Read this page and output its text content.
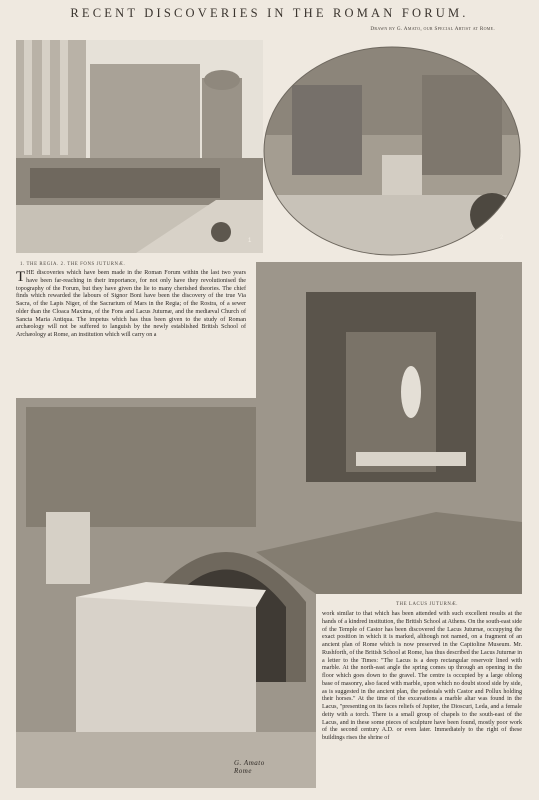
RECENT DISCOVERIES IN THE ROMAN FORUM.
Drawn by G. Amato, our Special Artist at Rome.
1	2
1. THE REGIA. 2. THE FONS JUTURNÆ.

THE discoveries which have been made in the Roman Forum within the last two years have been far-reaching in their importance, for not only have they revolutionised the topography of the Forum, but they have given the lie to many cherished theories. The chief finds which rewarded the labours of Signor Boni have been the discovery of the true Via Sacra, of the Lapis Niger, of the Sacrarium of Mars in the Regia; of the Rostra, of a sewer older than the Cloaca Maxima, of the Fons and Lacus Juturnæ, and the mediæval Church of Sancta Maria Antiqua. The impetus which has thus been given to the study of Roman archæology will not be suffered to languish by the newly established British School of Archæology at Rome, an institution which will carry on a

G. Amato
Rome
THE LACUS JUTURNÆ.

work similar to that which has been attended with such excellent results at the hands of a kindred institution, the British School at Athens. On the south-east side of the Temple of Castor has been discovered the Lacus Juturnæ, occupying the exact position in which it is marked, although not named, on a fragment of an ancient plan of Rome which is now preserved in the Capitoline Museum. Mr. Rushforth, of the British School at Rome, has thus described the Lacus Juturnæ in a letter to the Times: "The Lacus is a deep rectangular reservoir lined with marble. At the north-east angle the spring comes up through an opening in the floor which goes down to the gravel. The centre is occupied by a large oblong base of masonry, also faced with marble, upon which no doubt stood side by side, as is suggested in the ancient plan, the pedestals with Castor and Pollux holding their horses." At the time of the excavations a marble altar was found in the Lacus, "presenting on its faces reliefs of Jupiter, the Dioscuri, Leda, and a female deity with a torch. There is a small group of chapels to the south-east of the Lacus, and in these some pieces of sculpture have been found, mostly poor work of the second century A.D. or even later. Immediately to the right of these buildings rises the shrine of
